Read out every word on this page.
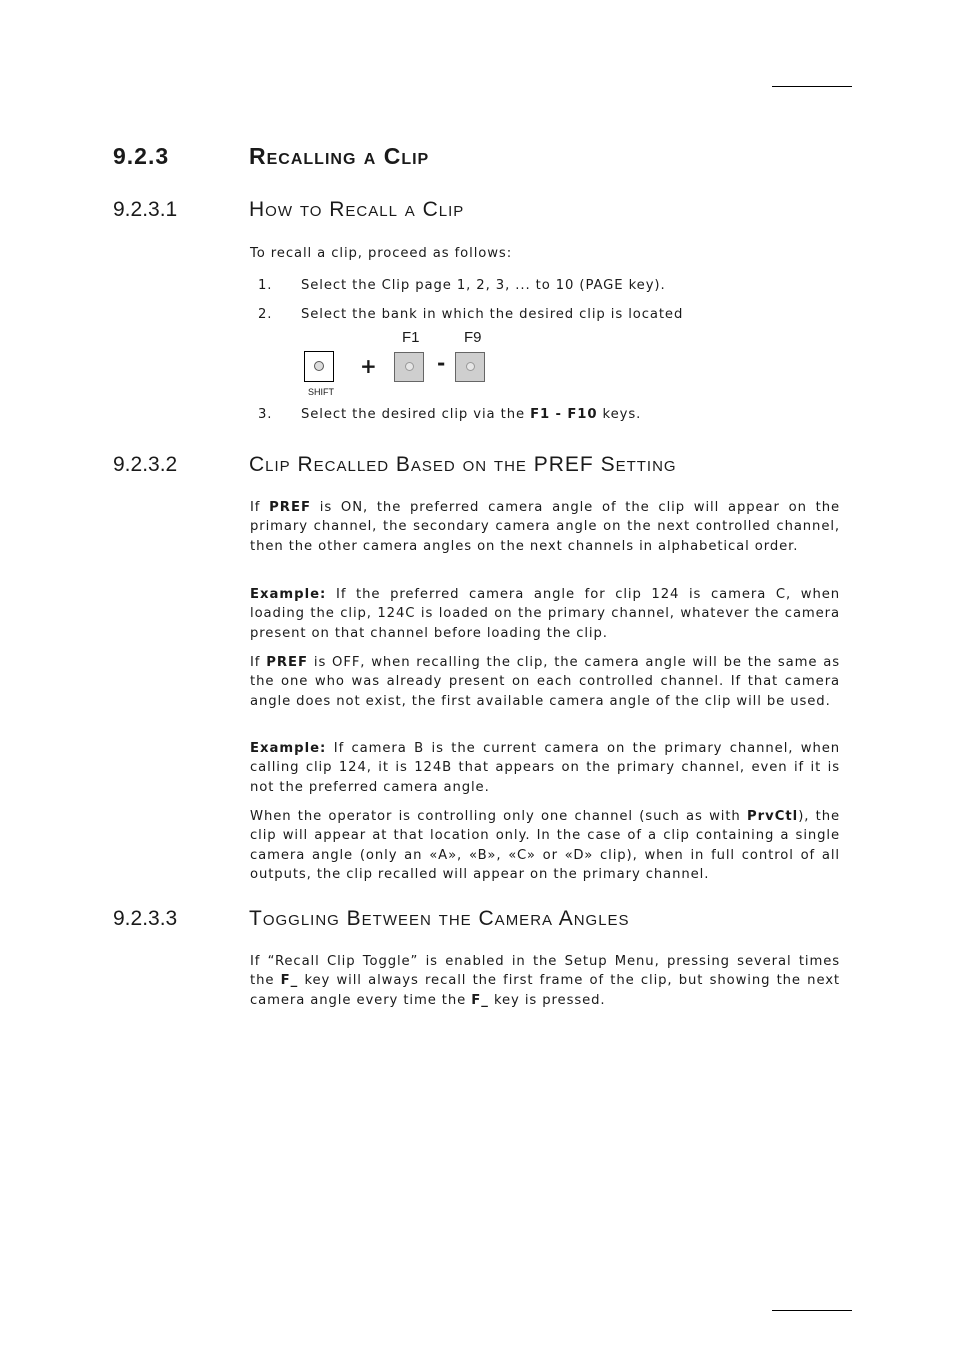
9.2.3	Recalling a Clip
9.2.3.1	How to Recall a Clip

To recall a clip, proceed as follows:

1. Select the Clip page 1, 2, 3, ... to 10 (PAGE key).
2. Select the bank in which the desired clip is located
SHIFT
+
F1
-
F9
3. Select the desired clip via the F1 - F10 keys.
9.2.3.2	Clip Recalled Based on the PREF Setting

If PREF is ON, the preferred camera angle of the clip will appear on the primary channel, the secondary camera angle on the next controlled channel, then the other camera angles on the next channels in alphabetical order.

Example: If the preferred camera angle for clip 124 is camera C, when loading the clip, 124C is loaded on the primary channel, whatever the camera present on that channel before loading the clip.

If PREF is OFF, when recalling the clip, the camera angle will be the same as the one who was already present on each controlled channel. If that camera angle does not exist, the first available camera angle of the clip will be used.

Example: If camera B is the current camera on the primary channel, when calling clip 124, it is 124B that appears on the primary channel, even if it is not the preferred camera angle.

When the operator is controlling only one channel (such as with PrvCtl), the clip will appear at that location only. In the case of a clip containing a single camera angle (only an «A», «B», «C» or «D» clip), when in full control of all outputs, the clip recalled will appear on the primary channel.

9.2.3.3	Toggling Between the Camera Angles

If “Recall Clip Toggle” is enabled in the Setup Menu, pressing several times the F_ key will always recall the first frame of the clip, but showing the next camera angle every time the F_ key is pressed.
